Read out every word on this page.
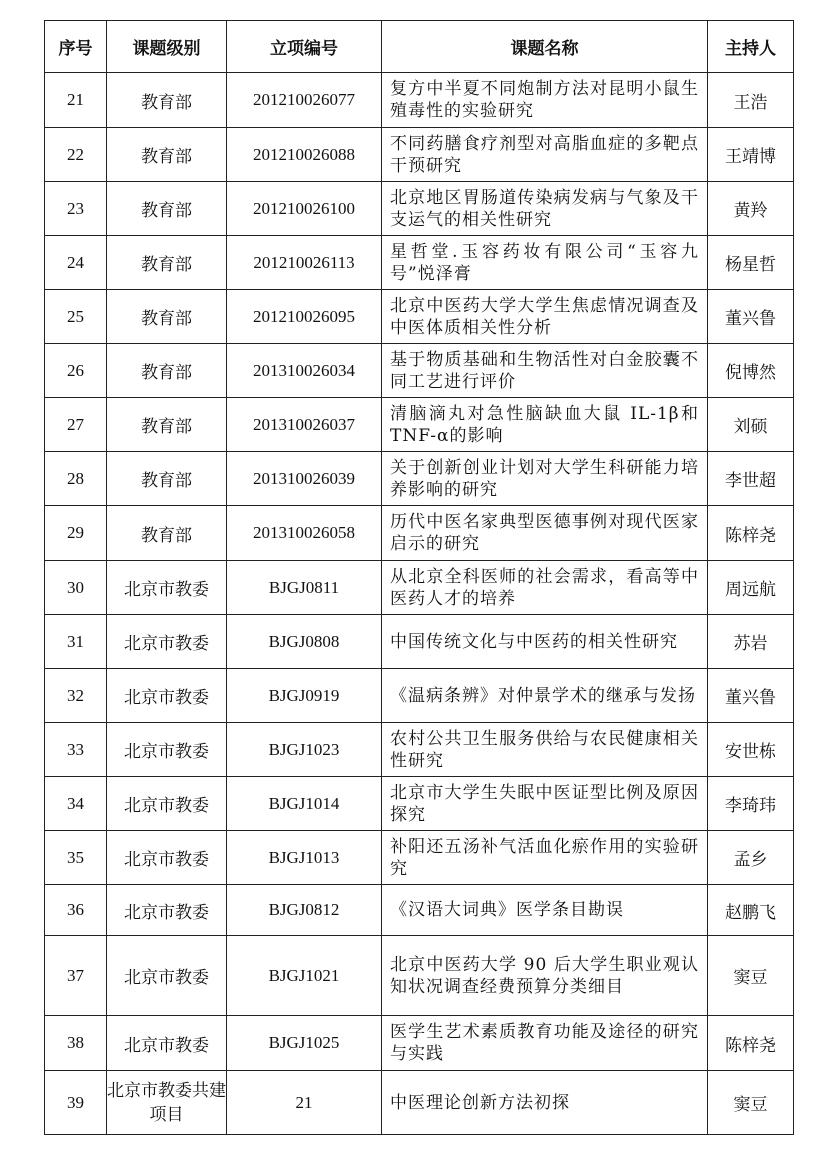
序号	课题级别	立项编号	课题名称	主持人
21	教育部	201210026077	复方中半夏不同炮制方法对昆明小鼠生殖毒性的实验研究	王浩
22	教育部	201210026088	不同药膳食疗剂型对高脂血症的多靶点干预研究	王靖博
23	教育部	201210026100	北京地区胃肠道传染病发病与气象及干支运气的相关性研究	黄羚
24	教育部	201210026113	星哲堂.玉容药妆有限公司“玉容九号”悦泽膏	杨星哲
25	教育部	201210026095	北京中医药大学大学生焦虑情况调查及中医体质相关性分析	董兴鲁
26	教育部	201310026034	基于物质基础和生物活性对白金胶囊不同工艺进行评价	倪博然
27	教育部	201310026037	清脑滴丸对急性脑缺血大鼠 IL-1β和 TNF-α的影响	刘硕
28	教育部	201310026039	关于创新创业计划对大学生科研能力培养影响的研究	李世超
29	教育部	201310026058	历代中医名家典型医德事例对现代医家启示的研究	陈梓尧
30	北京市教委	BJGJ0811	从北京全科医师的社会需求，看高等中医药人才的培养	周远航
31	北京市教委	BJGJ0808	中国传统文化与中医药的相关性研究	苏岩
32	北京市教委	BJGJ0919	《温病条辨》对仲景学术的继承与发扬	董兴鲁
33	北京市教委	BJGJ1023	农村公共卫生服务供给与农民健康相关性研究	安世栋
34	北京市教委	BJGJ1014	北京市大学生失眠中医证型比例及原因探究	李琦玮
35	北京市教委	BJGJ1013	补阳还五汤补气活血化瘀作用的实验研究	孟乡
36	北京市教委	BJGJ0812	《汉语大词典》医学条目勘误	赵鹏飞
37	北京市教委	BJGJ1021	北京中医药大学 90 后大学生职业观认知状况调查经费预算分类细目	窦豆
38	北京市教委	BJGJ1025	医学生艺术素质教育功能及途径的研究与实践	陈梓尧
39	北京市教委共建项目	21	中医理论创新方法初探	窦豆
